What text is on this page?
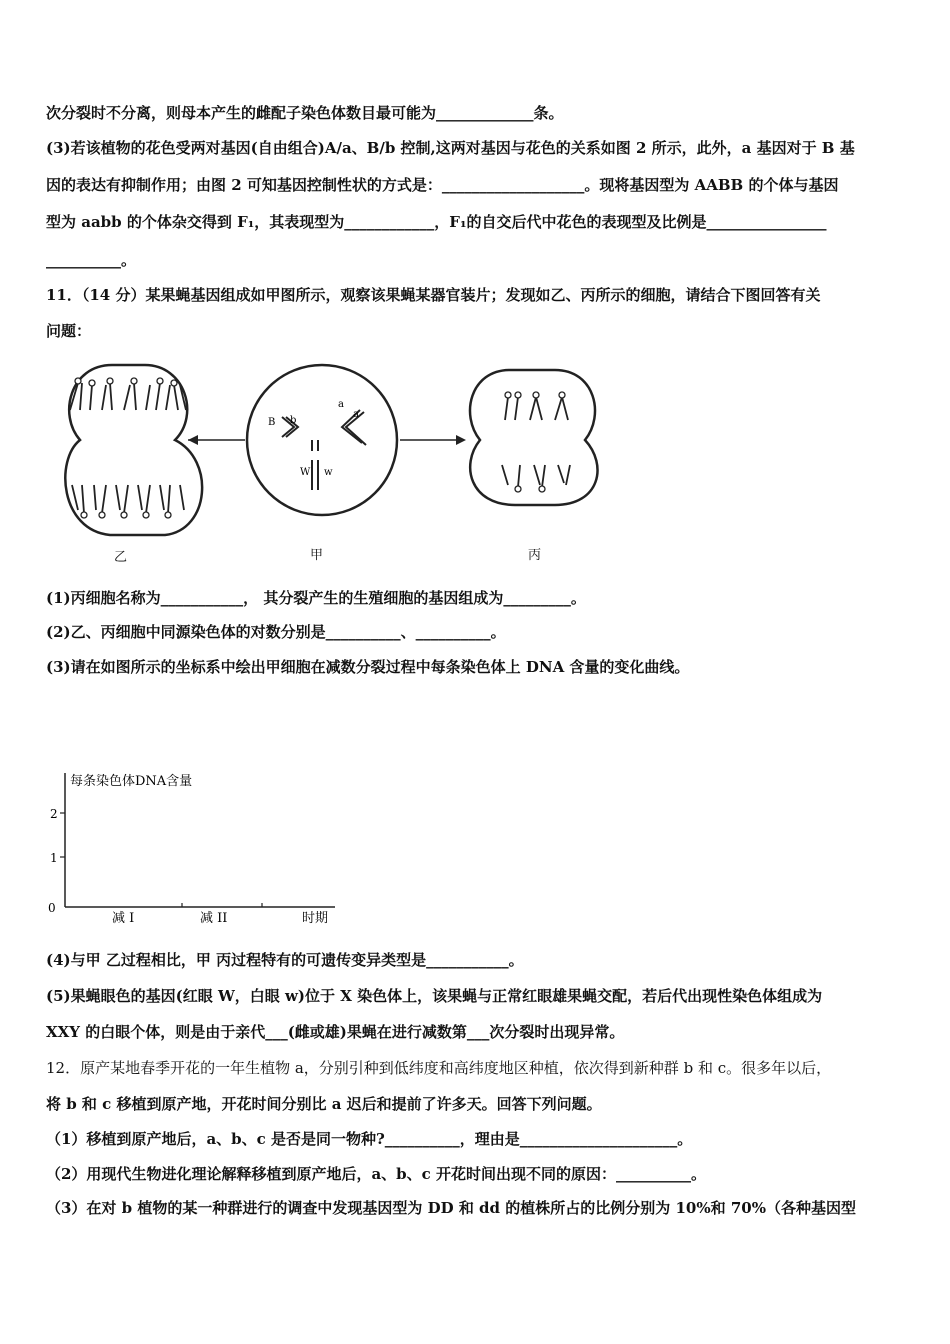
次分裂时不分离，则母本产生的雌配子染色体数目最可能为_____________条。
(3)若该植物的花色受两对基因(自由组合)A/a、B/b 控制,这两对基因与花色的关系如图 2 所示，此外，a 基因对于 B 基
因的表达有抑制作用；由图 2 可知基因控制性状的方式是：___________________。现将基因型为 AABB 的个体与基因
型为 aabb 的个体杂交得到 F₁，其表现型为____________，F₁的自交后代中花色的表现型及比例是________________
__________。
11．（14 分）某果蝇基因组成如甲图所示，观察该果蝇某器官装片；发现如乙、丙所示的细胞，请结合下图回答有关
问题：
B b
a
a
W w
乙	甲	丙
(1)丙细胞名称为___________， 其分裂产生的生殖细胞的基因组成为_________。
(2)乙、丙细胞中同源染色体的对数分别是__________、__________。
(3)请在如图所示的坐标系中绘出甲细胞在减数分裂过程中每条染色体上 DNA 含量的变化曲线。
每条染色体DNA含量
2
1
0
减 I	减 II	时期
(4)与甲 乙过程相比，甲 丙过程特有的可遗传变异类型是___________。
(5)果蝇眼色的基因(红眼 W，白眼 w)位于 X 染色体上，该果蝇与正常红眼雄果蝇交配，若后代出现性染色体组成为
XXY 的白眼个体，则是由于亲代___(雌或雄)果蝇在进行减数第___次分裂时出现异常。
12．原产某地春季开花的一年生植物 a，分别引种到低纬度和高纬度地区种植，依次得到新种群 b 和 c。很多年以后，
将 b 和 c 移植到原产地，开花时间分别比 a 迟后和提前了许多天。回答下列问题。
（1）移植到原产地后，a、b、c 是否是同一物种?__________，理由是_____________________。
（2）用现代生物进化理论解释移植到原产地后，a、b、c 开花时间出现不同的原因：__________。
（3）在对 b 植物的某一种群进行的调查中发现基因型为 DD 和 dd 的植株所占的比例分别为 10%和 70%（各种基因型
